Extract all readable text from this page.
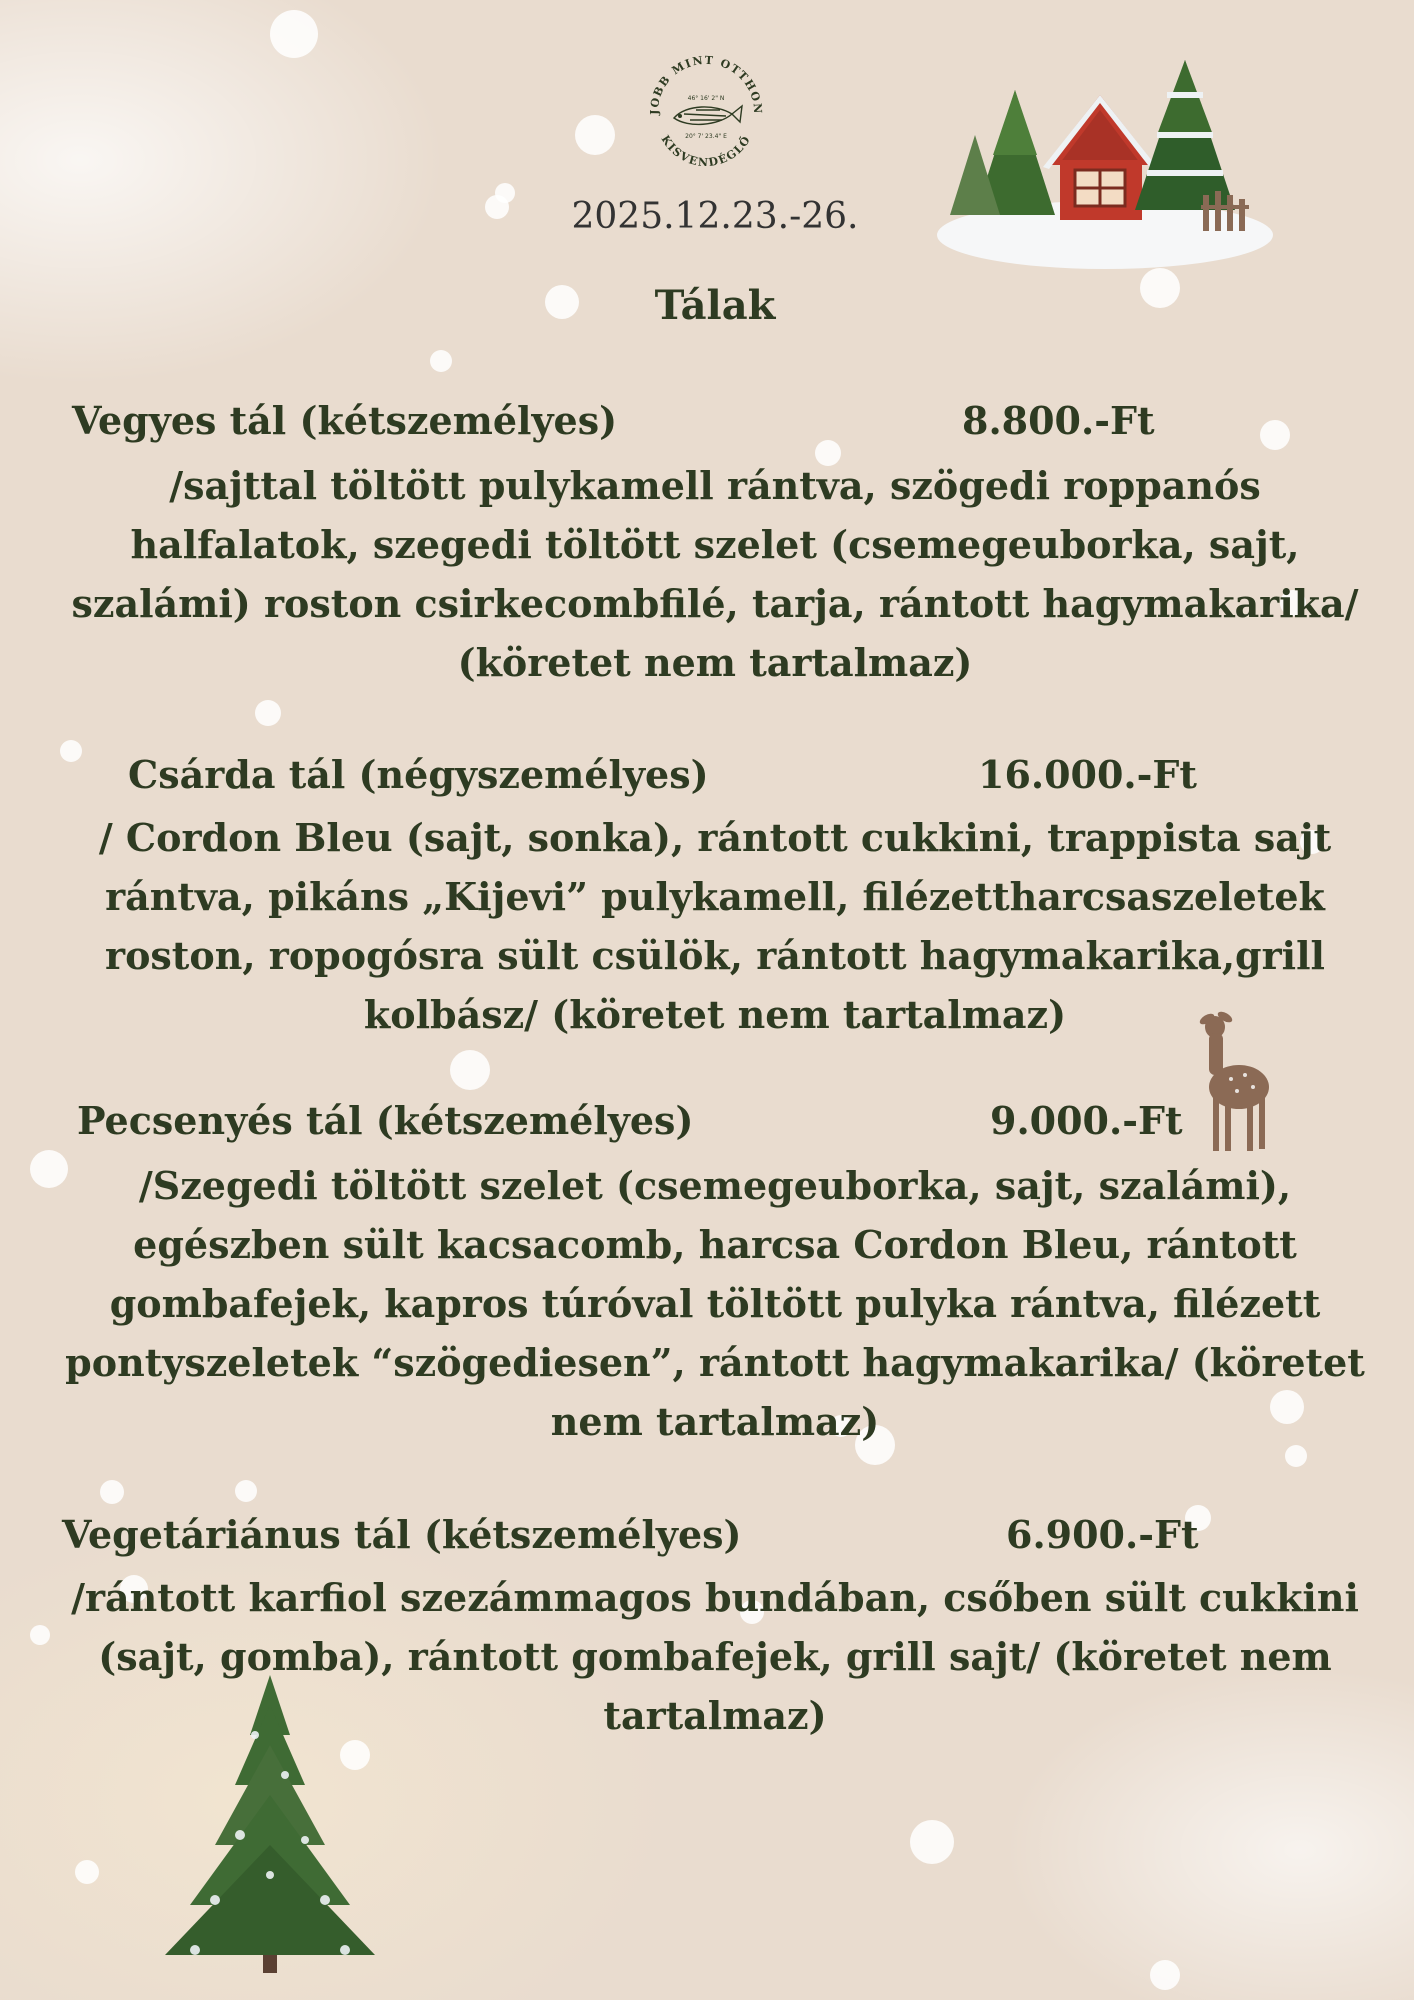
JOBB MINT OTTHON
KISVENDÉGLŐ
46° 16' 2" N
20° 7' 23.4" E
2025.12.23.-26.
Tálak
Vegyes tál (kétszemélyes)	8.800.-Ft
/sajttal töltött pulykamell rántva, szögedi roppanós halfalatok, szegedi töltött szelet (csemegeuborka, sajt, szalámi) roston csirkecombfilé, tarja, rántott hagymakarika/ (köretet nem tartalmaz)
Csárda tál (négyszemélyes)	16.000.-Ft
/ Cordon Bleu (sajt, sonka), rántott cukkini, trappista sajt rántva, pikáns „Kijevi” pulykamell, filézettharcsaszeletek roston, ropogósra sült csülök, rántott hagymakarika,grill kolbász/ (köretet nem tartalmaz)
Pecsenyés tál (kétszemélyes)	9.000.-Ft
/Szegedi töltött szelet (csemegeuborka, sajt, szalámi), egészben sült kacsacomb, harcsa Cordon Bleu, rántott gombafejek, kapros túróval töltött pulyka rántva, filézett pontyszeletek “szögediesen”, rántott hagymakarika/ (köretet nem tartalmaz)
Vegetáriánus tál (kétszemélyes)	6.900.-Ft
/rántott karfiol szezámmagos bundában, csőben sült cukkini (sajt, gomba), rántott gombafejek, grill sajt/ (köretet nem tartalmaz)
